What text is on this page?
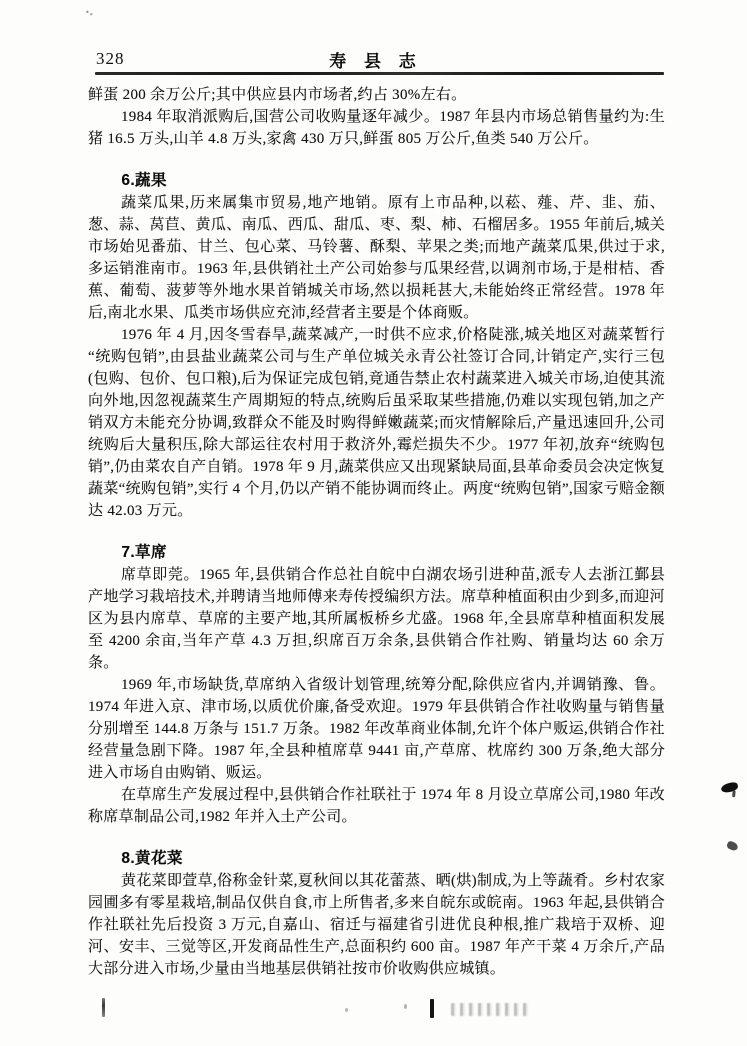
328	寿 县 志

鲜蛋 200 余万公斤;其中供应县内市场者,约占 30%左右。

1984 年取消派购后,国营公司收购量逐年减少。1987 年县内市场总销售量约为:生猪 16.5 万头,山羊 4.8 万头,家禽 430 万只,鲜蛋 805 万公斤,鱼类 540 万公斤。

6.蔬果

蔬菜瓜果,历来属集市贸易,地产地销。原有上市品种,以菘、薤、芹、韭、茄、葱、蒜、莴苣、黄瓜、南瓜、西瓜、甜瓜、枣、梨、柿、石榴居多。1955 年前后,城关市场始见番茄、甘兰、包心菜、马铃薯、酥梨、苹果之类;而地产蔬菜瓜果,供过于求,多运销淮南市。1963 年,县供销社土产公司始参与瓜果经营,以调剂市场,于是柑桔、香蕉、葡萄、菠萝等外地水果首销城关市场,然以损耗甚大,未能始终正常经营。1978 年后,南北水果、瓜类市场供应充沛,经营者主要是个体商贩。

1976 年 4 月,因冬雪春旱,蔬菜减产,一时供不应求,价格陡涨,城关地区对蔬菜暂行“统购包销”,由县盐业蔬菜公司与生产单位城关永青公社签订合同,计销定产,实行三包(包购、包价、包口粮),后为保证完成包销,竟通告禁止农村蔬菜进入城关市场,迫使其流向外地,因忽视蔬菜生产周期短的特点,统购后虽采取某些措施,仍难以实现包销,加之产销双方未能充分协调,致群众不能及时购得鲜嫩蔬菜;而灾情解除后,产量迅速回升,公司统购后大量积压,除大部运往农村用于救济外,霉烂损失不少。1977 年初,放弃“统购包销”,仍由菜农自产自销。1978 年 9 月,蔬菜供应又出现紧缺局面,县革命委员会决定恢复蔬菜“统购包销”,实行 4 个月,仍以产销不能协调而终止。两度“统购包销”,国家亏赔金额达 42.03 万元。

7.草席

席草即莞。1965 年,县供销合作总社自皖中白湖农场引进种苗,派专人去浙江鄞县产地学习栽培技术,并聘请当地师傅来寿传授编织方法。席草种植面积由少到多,而迎河区为县内席草、草席的主要产地,其所属板桥乡尤盛。1968 年,全县席草种植面积发展至 4200 余亩,当年产草 4.3 万担,织席百万余条,县供销合作社购、销量均达 60 余万条。

1969 年,市场缺货,草席纳入省级计划管理,统筹分配,除供应省内,并调销豫、鲁。1974 年进入京、津市场,以质优价廉,备受欢迎。1979 年县供销合作社收购量与销售量分别增至 144.8 万条与 151.7 万条。1982 年改革商业体制,允许个体户贩运,供销合作社经营量急剧下降。1987 年,全县种植席草 9441 亩,产草席、枕席约 300 万条,绝大部分进入市场自由购销、贩运。

在草席生产发展过程中,县供销合作社联社于 1974 年 8 月设立草席公司,1980 年改称席草制品公司,1982 年并入土产公司。

8.黄花菜

黄花菜即萱草,俗称金针菜,夏秋间以其花蕾蒸、晒(烘)制成,为上等蔬肴。乡村农家园圃多有零星栽培,制品仅供自食,市上所售者,多来自皖东或皖南。1963 年起,县供销合作社联社先后投资 3 万元,自嘉山、宿迁与福建省引进优良种根,推广栽培于双桥、迎河、安丰、三觉等区,开发商品性生产,总面积约 600 亩。1987 年产干菜 4 万余斤,产品大部分进入市场,少量由当地基层供销社按市价收购供应城镇。
